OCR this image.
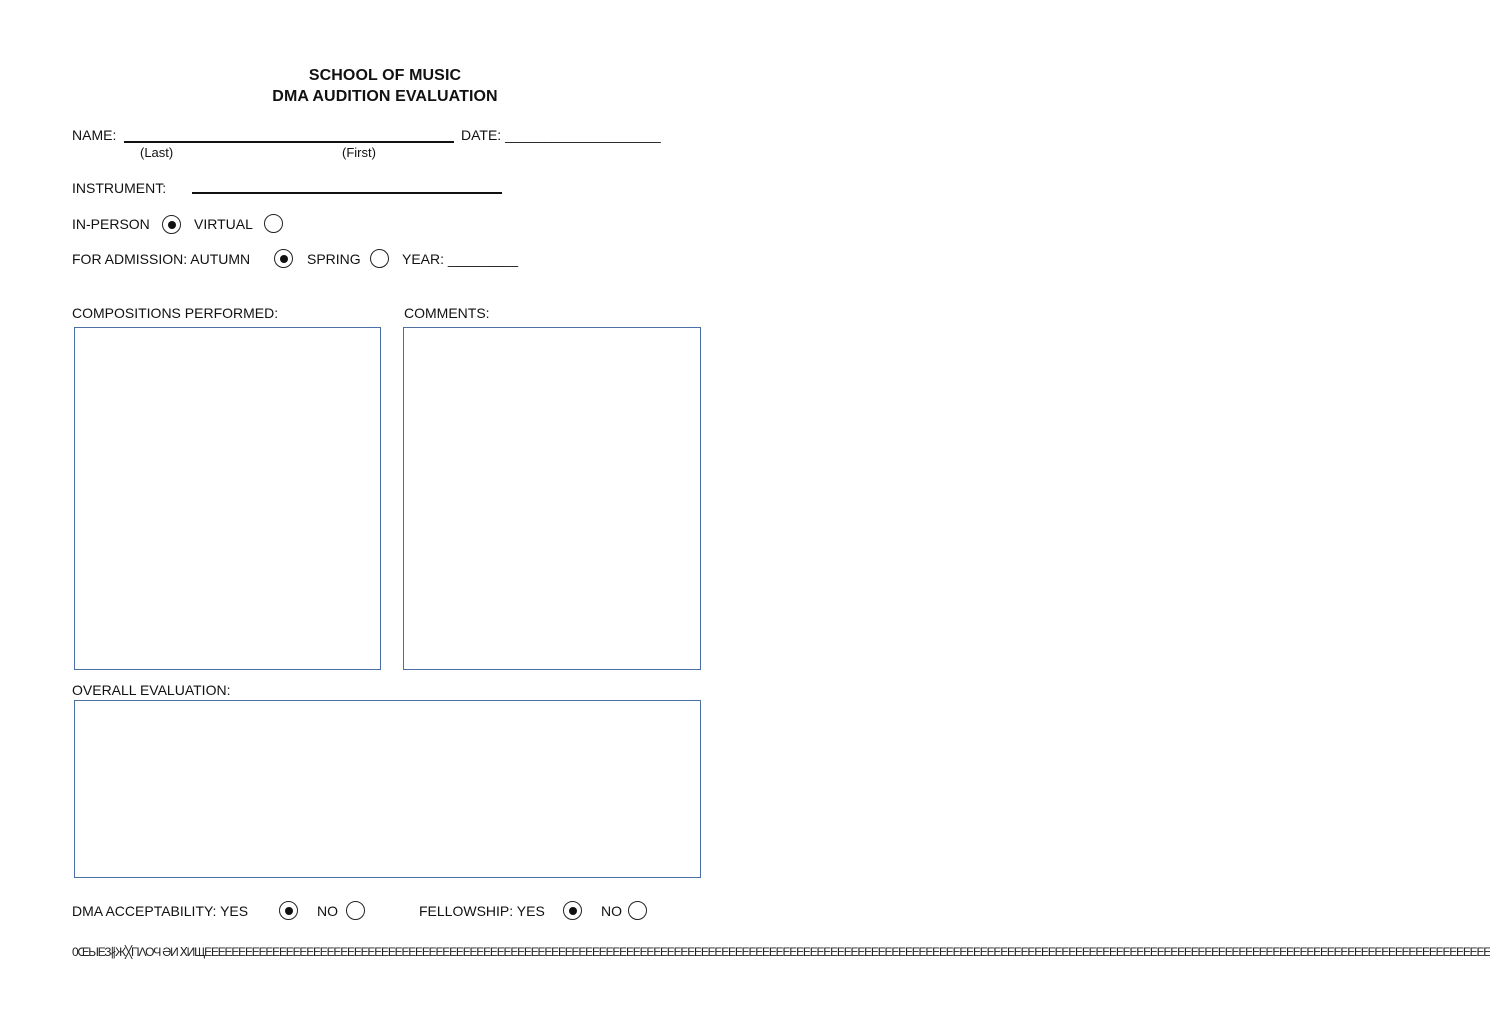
SCHOOL OF MUSIC
DMA AUDITION EVALUATION
NAME:	DATE: ____________________
(Last)	(First)
INSTRUMENT:
IN-PERSON	VIRTUAL
FOR ADMISSION: AUTUMN	SPRING	YEAR: _________
COMPOSITIONS PERFORMED:	COMMENTS:
OVERALL EVALUATION:
DMA ACCEPTABILITY: YES	NO	FELLOWSHIP: YES	NO
0ŒЫЕЗ∦Ж╳ΓΙΛΟϤ ƏИ ⅩИЩΕΕΕΕΕΕΕΕΕΕΕΕΕΕΕΕΕΕΕΕΕΕΕΕΕΕΕΕΕΕΕΕΕΕΕΕΕΕΕΕΕΕΕΕΕΕΕΕΕΕΕΕΕΕΕΕΕΕΕΕΕΕΕΕΕΕΕΕΕΕΕΕΕΕΕΕΕΕΕΕΕΕΕΕΕΕΕΕΕΕΕΕΕΕΕΕΕΕΕΕΕΕΕΕΕΕΕΕΕΕΕΕΕΕΕΕΕΕΕΕΕΕΕΕΕΕΕΕΕΕΕΕΕΕΕΕΕΕΕΕΕΕΕΕΕΕΕΕΕΕΕΕΕΕΕΕΕΕΕΕΕΕΕΕΕΕΕΕΕΕΕΕΕΕΕΕΕΕΕΕΕΕΕΕΕΕΕΕΕ
